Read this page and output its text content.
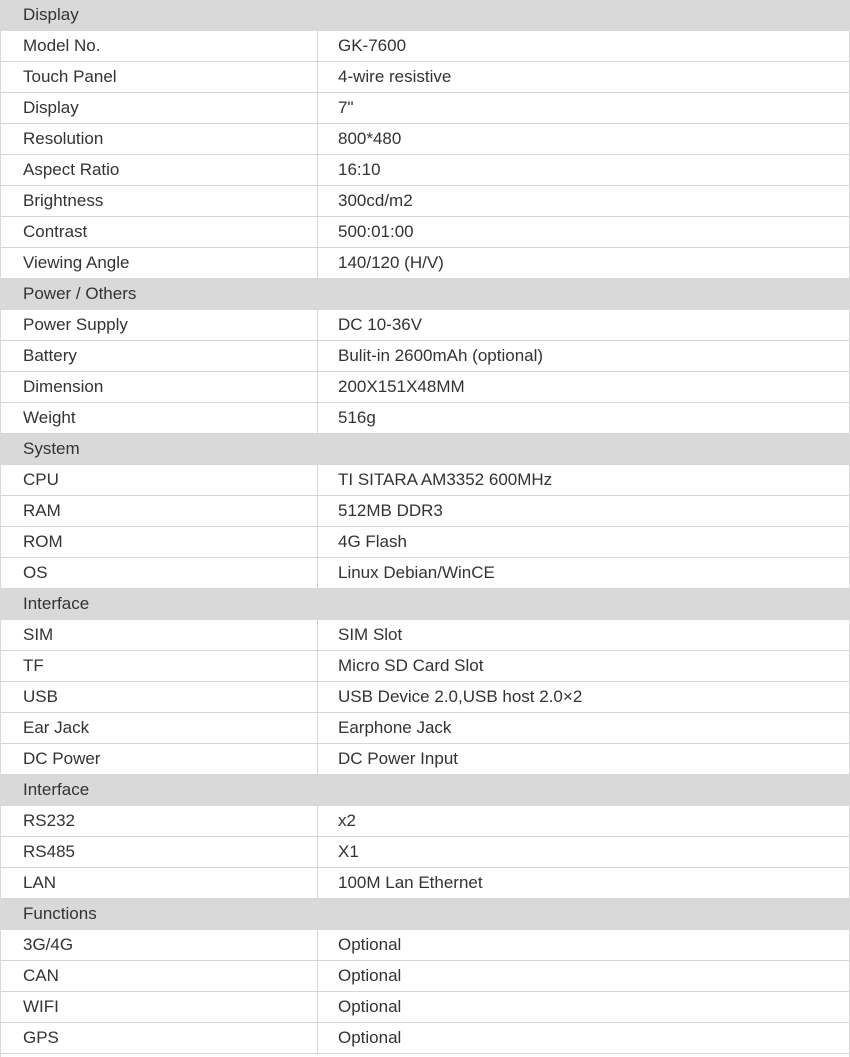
Display
Model No.	GK-7600
Touch Panel	4-wire resistive
Display	7"
Resolution	800*480
Aspect Ratio	16:10
Brightness	300cd/m2
Contrast	500:01:00
Viewing Angle	140/120 (H/V)
Power / Others
Power Supply	DC 10-36V
Battery	Bulit-in 2600mAh (optional)
Dimension	200X151X48MM
Weight	516g
System
CPU	TI SITARA AM3352 600MHz
RAM	512MB DDR3
ROM	4G Flash
OS	Linux Debian/WinCE
Interface
SIM	SIM Slot
TF	Micro SD Card Slot
USB	USB Device 2.0,USB host 2.0×2
Ear Jack	Earphone Jack
DC Power	DC Power Input
Interface
RS232	x2
RS485	X1
LAN	100M Lan Ethernet
Functions
3G/4G	Optional
CAN	Optional
WIFI	Optional
GPS	Optional
